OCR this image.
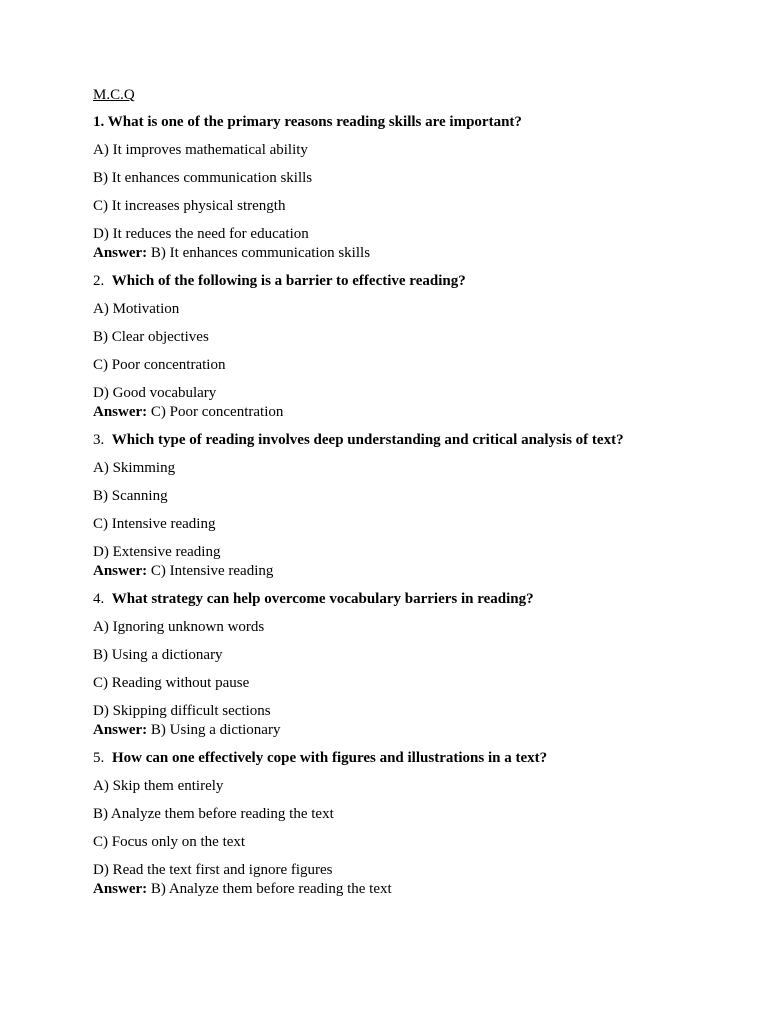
M.C.Q
1. What is one of the primary reasons reading skills are important?
A) It improves mathematical ability
B) It enhances communication skills
C) It increases physical strength
D) It reduces the need for education
Answer: B) It enhances communication skills
2. Which of the following is a barrier to effective reading?
A) Motivation
B) Clear objectives
C) Poor concentration
D) Good vocabulary
Answer: C) Poor concentration
3. Which type of reading involves deep understanding and critical analysis of text?
A) Skimming
B) Scanning
C) Intensive reading
D) Extensive reading
Answer: C) Intensive reading
4. What strategy can help overcome vocabulary barriers in reading?
A) Ignoring unknown words
B) Using a dictionary
C) Reading without pause
D) Skipping difficult sections
Answer: B) Using a dictionary
5. How can one effectively cope with figures and illustrations in a text?
A) Skip them entirely
B) Analyze them before reading the text
C) Focus only on the text
D) Read the text first and ignore figures
Answer: B) Analyze them before reading the text
